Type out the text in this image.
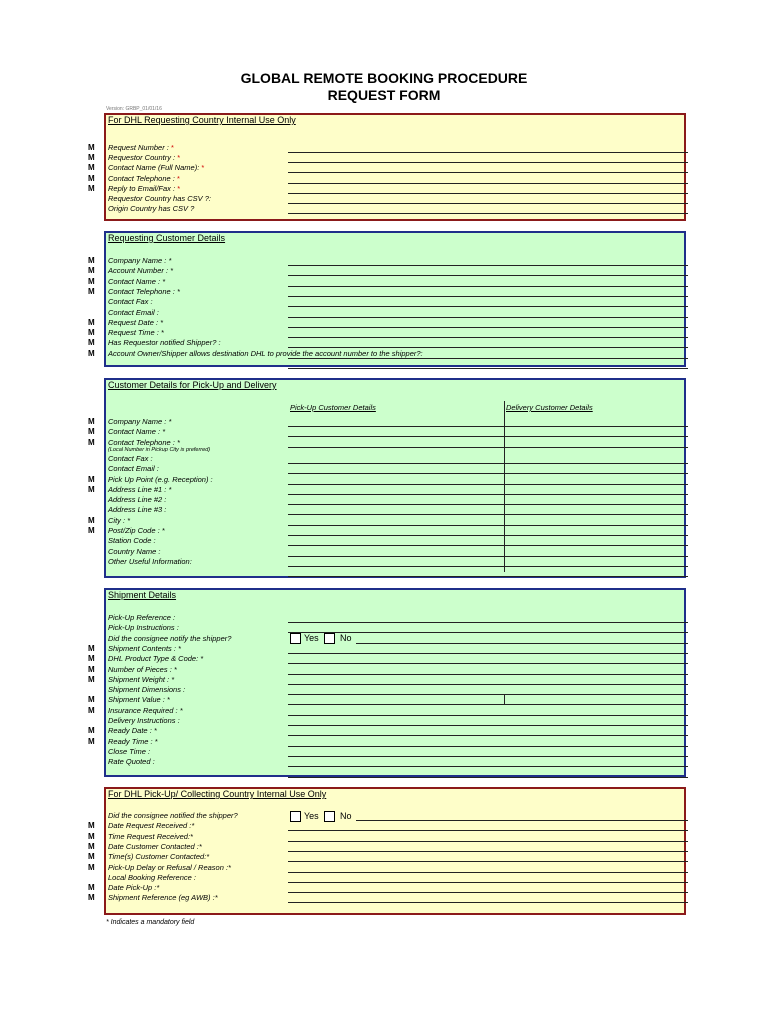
GLOBAL REMOTE BOOKING PROCEDURE
REQUEST FORM
Version: GRBP_01/01/16
For DHL Requesting Country Internal Use Only
Request Number : *
Requestor Country : *
Contact Name (Full Name): *
Contact Telephone : *
Reply to Email/Fax : *
Requestor Country has CSV ?:
Origin Country has CSV ?
Requesting Customer Details
Company Name : *
Account Number : *
Contact Name : *
Contact Telephone : *
Contact Fax :
Contact Email :
Request Date : *
Request Time : *
Has Requestor notified Shipper? :
Account Owner/Shipper allows destination DHL to provide the account number to the shipper?:
Customer Details for Pick-Up and Delivery
Pick-Up Customer Details	Delivery Customer Details
(Local Number in Pickup City is preferred)
Company Name : *
Contact Name : *
Contact Telephone : *
Contact Fax :
Contact Email :
Pick Up Point (e.g. Reception) :
Address Line #1 : *
Address Line #2 :
Address Line #3 :
City : *
Post/Zip Code : *
Station Code :
Country Name :
Other Useful Information:
Shipment Details
Yes No
Pick-Up Reference :
Pick-Up Instructions :
Did the consignee notify the shipper?
Shipment Contents : *
DHL Product Type & Code: *
Number of Pieces : *
Shipment Weight : *
Shipment Dimensions :
Shipment Value : *
Insurance Required : *
Delivery Instructions :
Ready Date : *
Ready Time : *
Close Time :
Rate Quoted :
For DHL Pick-Up/ Collecting Country Internal Use Only
Yes No
Did the consignee notified the shipper?
Date Request Received :*
Time Request Received:*
Date Customer Contacted :*
Time(s) Customer Contacted:*
Pick-Up Delay or Refusal / Reason :*
Local Booking Reference :
Date Pick-Up :*
Shipment Reference (eg AWB) :*
* Indicates a mandatory field
M
M
M
M
M
M
M
M
M
M
M
M
M
M
M
M
M
M
M
M
M
M
M
M
M
M
M
M
M
M
M
M
M
M
M
